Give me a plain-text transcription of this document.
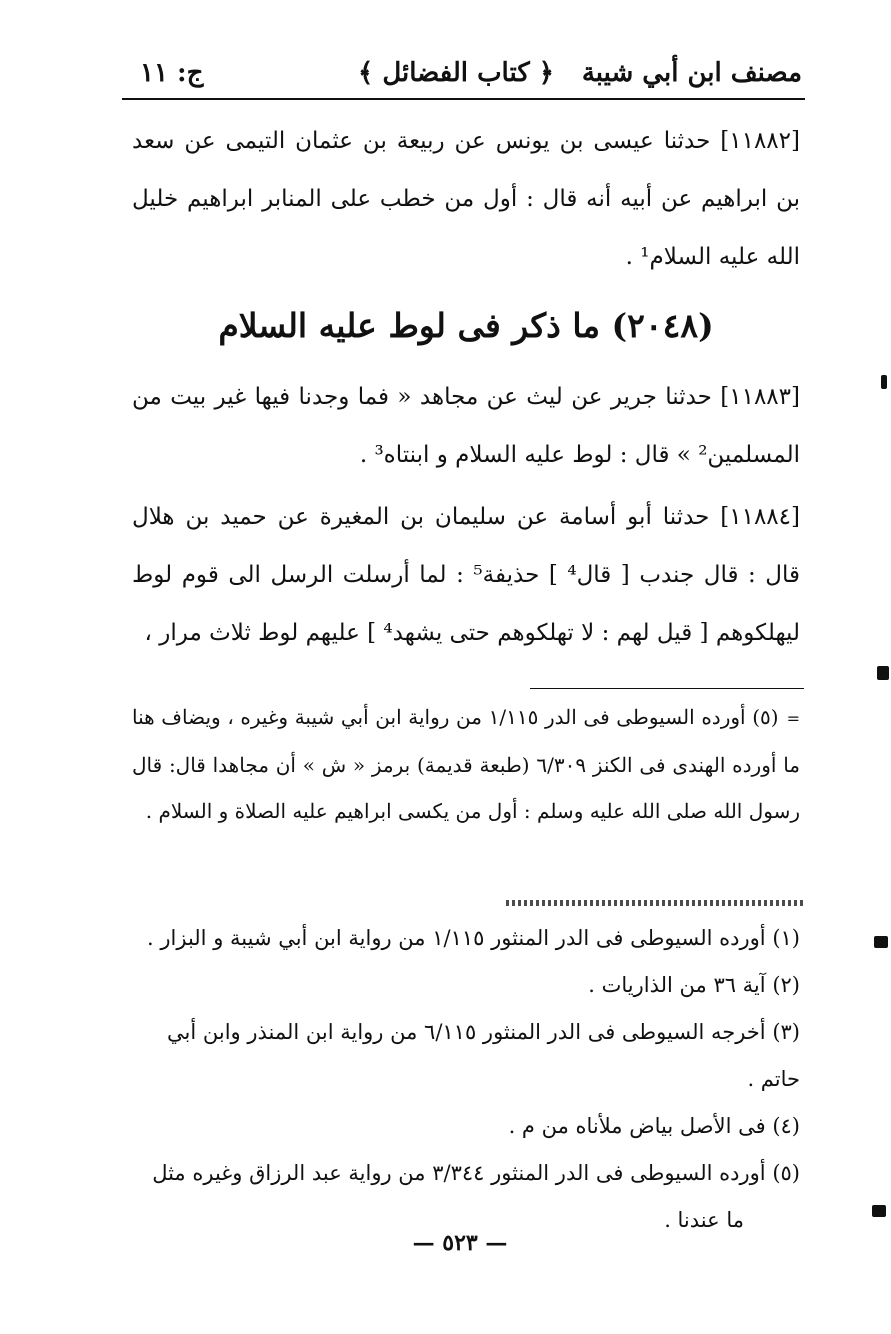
مصنف ابن أبي شيبة
﴿ كتاب الفضائل ﴾
ج: ١١

[١١٨٨٢] حدثنا عيسى بن يونس عن ربيعة بن عثمان التيمى عن سعد بن ابراهيم عن أبيه أنه قال : أول من خطب على المنابر ابراهيم خليل الله عليه السلام¹ .

(٢٠٤٨) ما ذكر فى لوط عليه السلام

[١١٨٨٣] حدثنا جرير عن ليث عن مجاهد « فما وجدنا فيها غير بيت من المسلمين² » قال : لوط عليه السلام و ابنتاه³ .

[١١٨٨٤] حدثنا أبو أسامة عن سليمان بن المغيرة عن حميد بن هلال قال : قال جندب [ قال⁴ ] حذيفة⁵ : لما أرسلت الرسل الى قوم لوط ليهلكوهم [ قيل لهم : لا تهلكوهم حتى يشهد⁴ ] عليهم لوط ثلاث مرار ،

=(٥) أورده السيوطى فى الدر ١/١١٥ من رواية ابن أبي شيبة وغيره ، ويضاف هنا ما أورده الهندى فى الكنز ٦/٣٠٩ (طبعة قديمة) برمز « ش » أن مجاهدا قال: قال رسول الله صلى الله عليه وسلم : أول من يكسى ابراهيم عليه الصلاة و السلام .

(١) أورده السيوطى فى الدر المنثور ١/١١٥ من رواية ابن أبي شيبة و البزار .

(٢) آية ٣٦ من الذاريات .

(٣) أخرجه السيوطى فى الدر المنثور ٦/١١٥ من رواية ابن المنذر وابن أبي حاتم .

(٤) فى الأصل بياض ملأناه من م .

(٥) أورده السيوطى فى الدر المنثور ٣/٣٤٤ من رواية عبد الرزاق وغيره مثل
ما عندنا .

— ٥٢٣ —
